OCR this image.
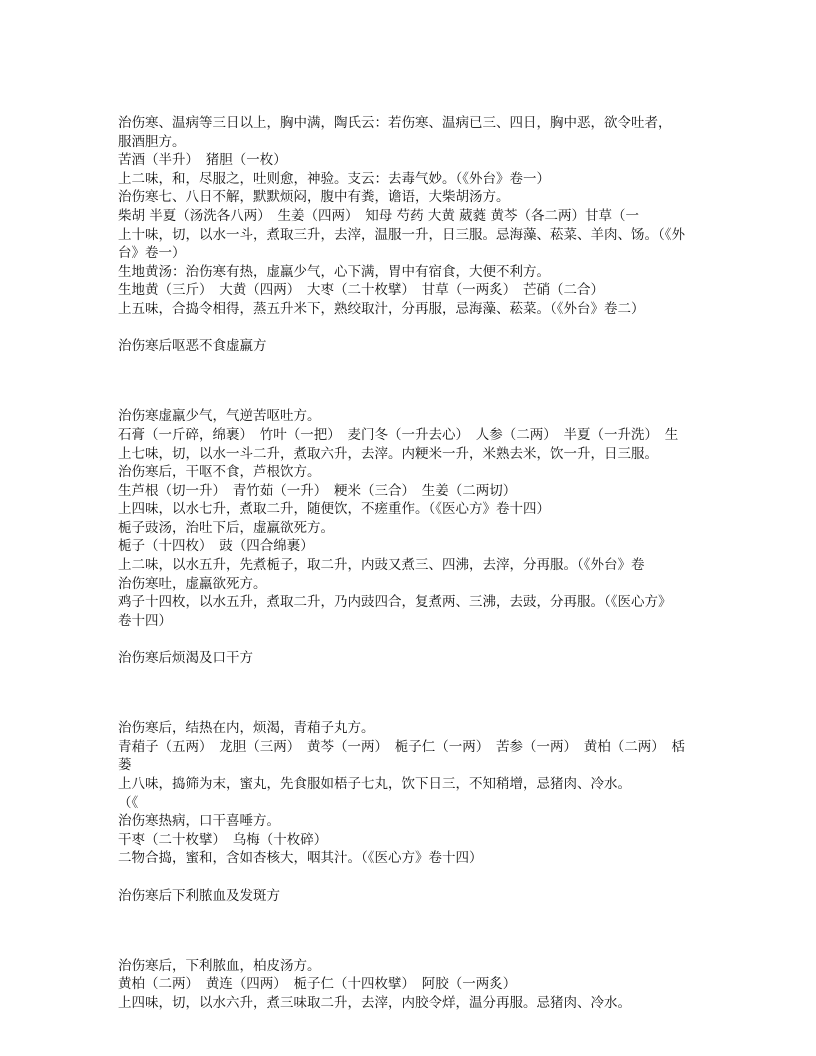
治伤寒、温病等三日以上，胸中满，陶氏云：若伤寒、温病已三、四日，胸中恶，欲令吐者，
服酒胆方。
苦酒（半升）　猪胆（一枚）
上二味，和，尽服之，吐则愈，神验。支云：去毒气妙。（《外台》卷一）
治伤寒七、八日不解，默默烦闷，腹中有粪，谵语，大柴胡汤方。
柴胡 半夏（汤洗各八两）　生姜（四两）　知母 芍药 大黄 葳蕤 黄芩（各二两）甘草（一
上十味，切，以水一斗，煮取三升，去滓，温服一升，日三服。忌海藻、菘菜、羊肉、饧。（《外
台》卷一）
生地黄汤：治伤寒有热，虚羸少气，心下满，胃中有宿食，大便不利方。
生地黄（三斤）　大黄（四两）　大枣（二十枚擘）　甘草（一两炙）　芒硝（二合）
上五味，合捣令相得，蒸五升米下，熟绞取汁，分再服，忌海藻、菘菜。（《外台》卷二）
治伤寒后呕恶不食虚羸方
治伤寒虚羸少气，气逆苦呕吐方。
石膏（一斤碎，绵裹）　竹叶（一把）　麦门冬（一升去心）　人参（二两）　半夏（一升洗）　生
上七味，切，以水一斗二升，煮取六升，去滓。内粳米一升，米熟去米，饮一升，日三服。
治伤寒后，干呕不食，芦根饮方。
生芦根（切一升）　青竹茹（一升）　粳米（三合）　生姜（二两切）
上四味，以水七升，煮取二升，随便饮，不瘥重作。（《医心方》卷十四）
栀子豉汤，治吐下后，虚羸欲死方。
栀子（十四枚）　豉（四合绵裹）
上二味，以水五升，先煮栀子，取二升，内豉又煮三、四沸，去滓，分再服。（《外台》卷
治伤寒吐，虚羸欲死方。
鸡子十四枚，以水五升，煮取二升，乃内豉四合，复煮两、三沸，去豉，分再服。（《医心方》
卷十四）
治伤寒后烦渴及口干方
治伤寒后，结热在内，烦渴，青葙子丸方。
青葙子（五两）　龙胆（三两）　黄芩（一两）　栀子仁（一两）　苦参（一两）　黄柏（二两）　栝
蒌
上八味，捣筛为末，蜜丸，先食服如梧子七丸，饮下日三，不知稍增，忌猪肉、冷水。
（《
治伤寒热病，口干喜唾方。
干枣（二十枚擘）　乌梅（十枚碎）
二物合捣，蜜和，含如杏核大，咽其汁。（《医心方》卷十四）
治伤寒后下利脓血及发斑方
治伤寒后，下利脓血，柏皮汤方。
黄柏（二两）　黄连（四两）　栀子仁（十四枚擘）　阿胶（一两炙）
上四味，切，以水六升，煮三味取二升，去滓，内胶令烊，温分再服。忌猪肉、冷水。
